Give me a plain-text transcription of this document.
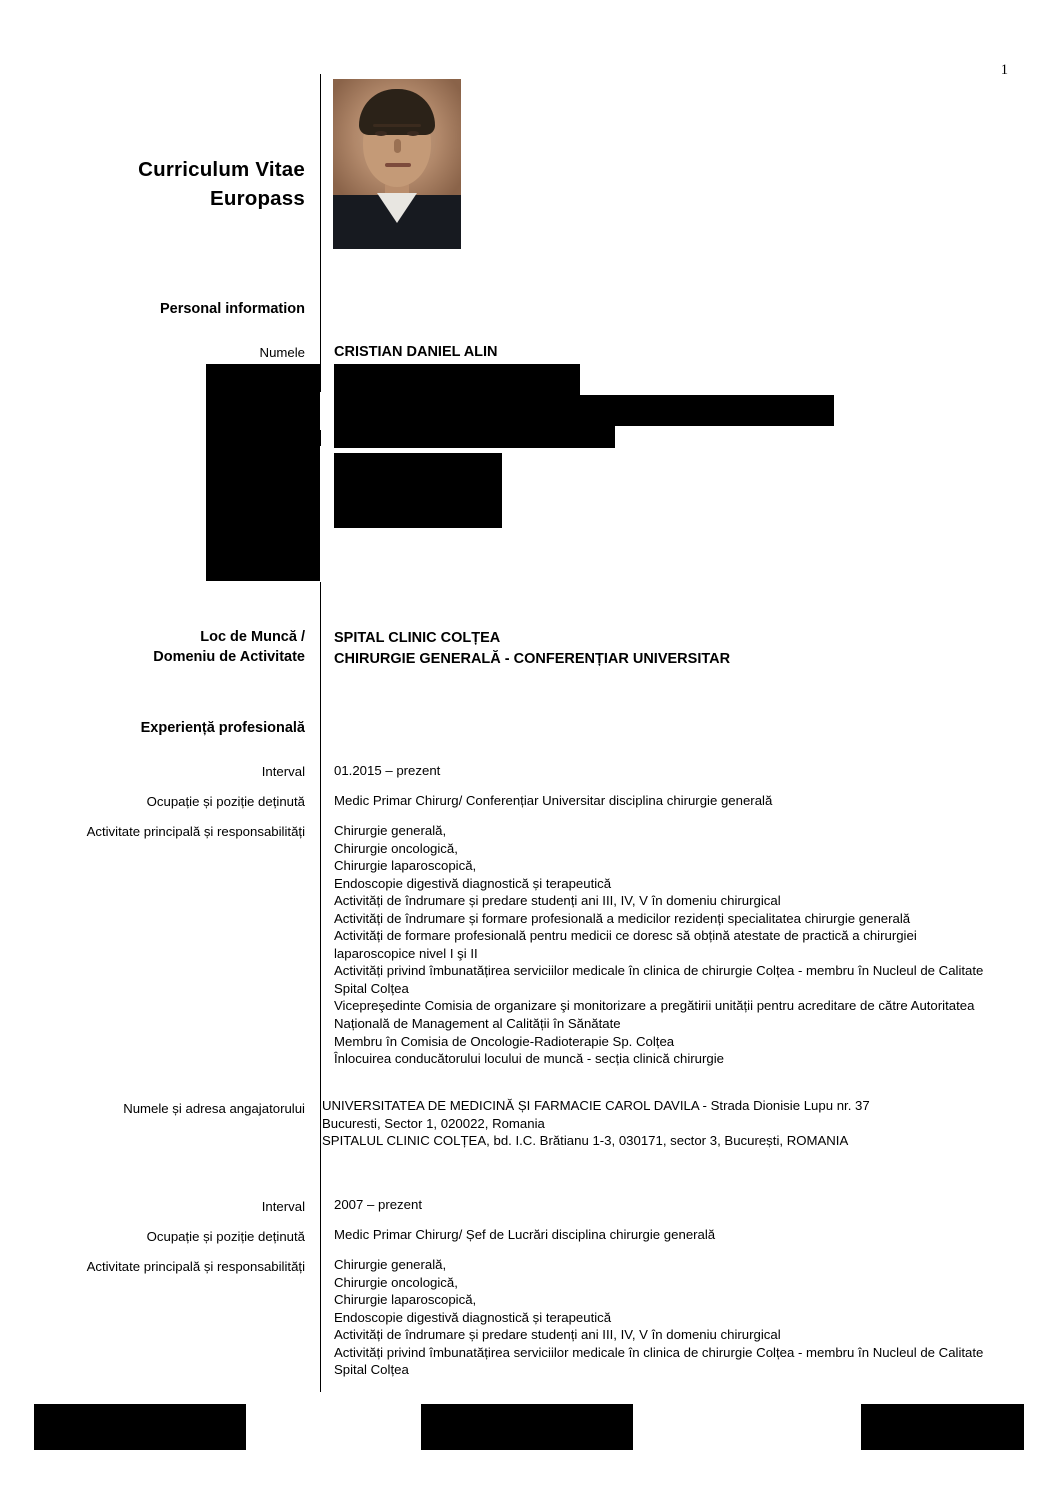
1
Curriculum Vitae
Europass
Personal information
Numele CRISTIAN DANIEL ALIN
Loc de Muncă /
Domeniu de Activitate
SPITAL CLINIC COLȚEA
CHIRURGIE GENERALĂ - CONFERENȚIAR UNIVERSITAR
Experiență profesională
Interval 01.2015 – prezent
Ocupație și poziție deținută Medic Primar Chirurg/ Conferențiar Universitar disciplina chirurgie generală
Activitate principală și responsabilități Chirurgie generală,

Chirurgie oncologică,

Chirurgie laparoscopică,

Endoscopie digestivă diagnostică și terapeutică

Activități de îndrumare și predare studenți ani III, IV, V în domeniu chirurgical

Activități de îndrumare și formare profesională a medicilor rezidenți specialitatea chirurgie generală

Activități de formare profesională pentru medicii ce doresc să obțină atestate de practică a chirurgiei laparoscopice nivel I şi II

Activități privind îmbunatățirea serviciilor medicale în clinica de chirurgie Colțea - membru în Nucleul de Calitate Spital Colțea

Vicepreşedinte Comisia de organizare şi monitorizare a pregătirii unității pentru acreditare de către Autoritatea Națională de Management al Calității în Sănătate

Membru în Comisia de Oncologie-Radioterapie Sp. Colțea

Înlocuirea conducătorului locului de muncă - secția clinică chirurgie

Numele și adresa angajatorului UNIVERSITATEA DE MEDICINĂ ȘI FARMACIE CAROL DAVILA - Strada Dionisie Lupu nr. 37

Bucuresti, Sector 1, 020022, Romania

SPITALUL CLINIC COLȚEA, bd. I.C. Brătianu 1-3, 030171, sector 3, București, ROMANIA

Interval 2007 – prezent
Ocupație și poziție deținută Medic Primar Chirurg/ Șef de Lucrări disciplina chirurgie generală
Activitate principală și responsabilități Chirurgie generală,

Chirurgie oncologică,

Chirurgie laparoscopică,

Endoscopie digestivă diagnostică și terapeutică

Activități de îndrumare și predare studenți ani III, IV, V în domeniu chirurgical

Activități privind îmbunatățirea serviciilor medicale în clinica de chirurgie Colțea - membru în Nucleul de Calitate Spital Colțea
